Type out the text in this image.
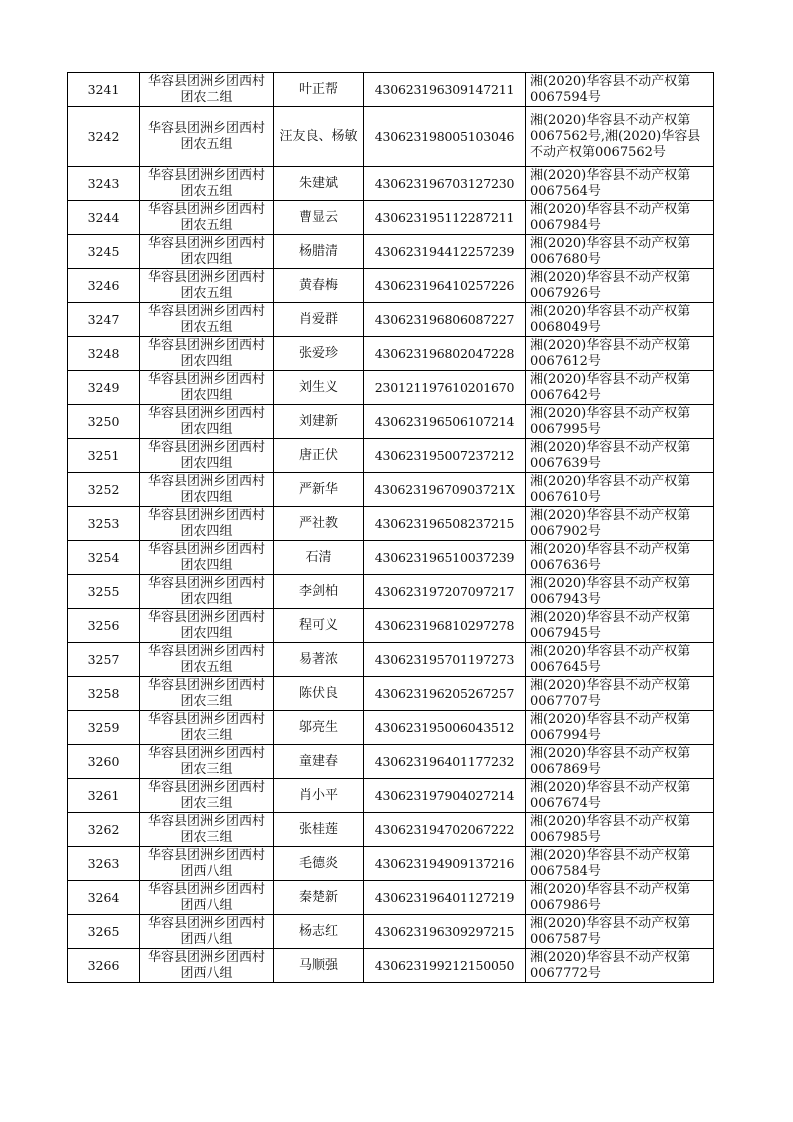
3241	华容县团洲乡团西村团农二组	叶正帮	430623196309147211	湘(2020)华容县不动产权第0067594号
3242	华容县团洲乡团西村团农五组	汪友良、杨敏	430623198005103046	湘(2020)华容县不动产权第0067562号,湘(2020)华容县不动产权第0067562号
3243	华容县团洲乡团西村团农五组	朱建斌	430623196703127230	湘(2020)华容县不动产权第0067564号
3244	华容县团洲乡团西村团农五组	曹显云	430623195112287211	湘(2020)华容县不动产权第0067984号
3245	华容县团洲乡团西村团农四组	杨腊清	430623194412257239	湘(2020)华容县不动产权第0067680号
3246	华容县团洲乡团西村团农五组	黄春梅	430623196410257226	湘(2020)华容县不动产权第0067926号
3247	华容县团洲乡团西村团农五组	肖爱群	430623196806087227	湘(2020)华容县不动产权第0068049号
3248	华容县团洲乡团西村团农四组	张爱珍	430623196802047228	湘(2020)华容县不动产权第0067612号
3249	华容县团洲乡团西村团农四组	刘生义	230121197610201670	湘(2020)华容县不动产权第0067642号
3250	华容县团洲乡团西村团农四组	刘建新	430623196506107214	湘(2020)华容县不动产权第0067995号
3251	华容县团洲乡团西村团农四组	唐正伏	430623195007237212	湘(2020)华容县不动产权第0067639号
3252	华容县团洲乡团西村团农四组	严新华	43062319670903721X	湘(2020)华容县不动产权第0067610号
3253	华容县团洲乡团西村团农四组	严社教	430623196508237215	湘(2020)华容县不动产权第0067902号
3254	华容县团洲乡团西村团农四组	石清	430623196510037239	湘(2020)华容县不动产权第0067636号
3255	华容县团洲乡团西村团农四组	李剑柏	430623197207097217	湘(2020)华容县不动产权第0067943号
3256	华容县团洲乡团西村团农四组	程可义	430623196810297278	湘(2020)华容县不动产权第0067945号
3257	华容县团洲乡团西村团农五组	易著浓	430623195701197273	湘(2020)华容县不动产权第0067645号
3258	华容县团洲乡团西村团农三组	陈伏良	430623196205267257	湘(2020)华容县不动产权第0067707号
3259	华容县团洲乡团西村团农三组	邬亮生	430623195006043512	湘(2020)华容县不动产权第0067994号
3260	华容县团洲乡团西村团农三组	童建春	430623196401177232	湘(2020)华容县不动产权第0067869号
3261	华容县团洲乡团西村团农三组	肖小平	430623197904027214	湘(2020)华容县不动产权第0067674号
3262	华容县团洲乡团西村团农三组	张桂莲	430623194702067222	湘(2020)华容县不动产权第0067985号
3263	华容县团洲乡团西村团西八组	毛德炎	430623194909137216	湘(2020)华容县不动产权第0067584号
3264	华容县团洲乡团西村团西八组	秦楚新	430623196401127219	湘(2020)华容县不动产权第0067986号
3265	华容县团洲乡团西村团西八组	杨志红	430623196309297215	湘(2020)华容县不动产权第0067587号
3266	华容县团洲乡团西村团西八组	马顺强	430623199212150050	湘(2020)华容县不动产权第0067772号
